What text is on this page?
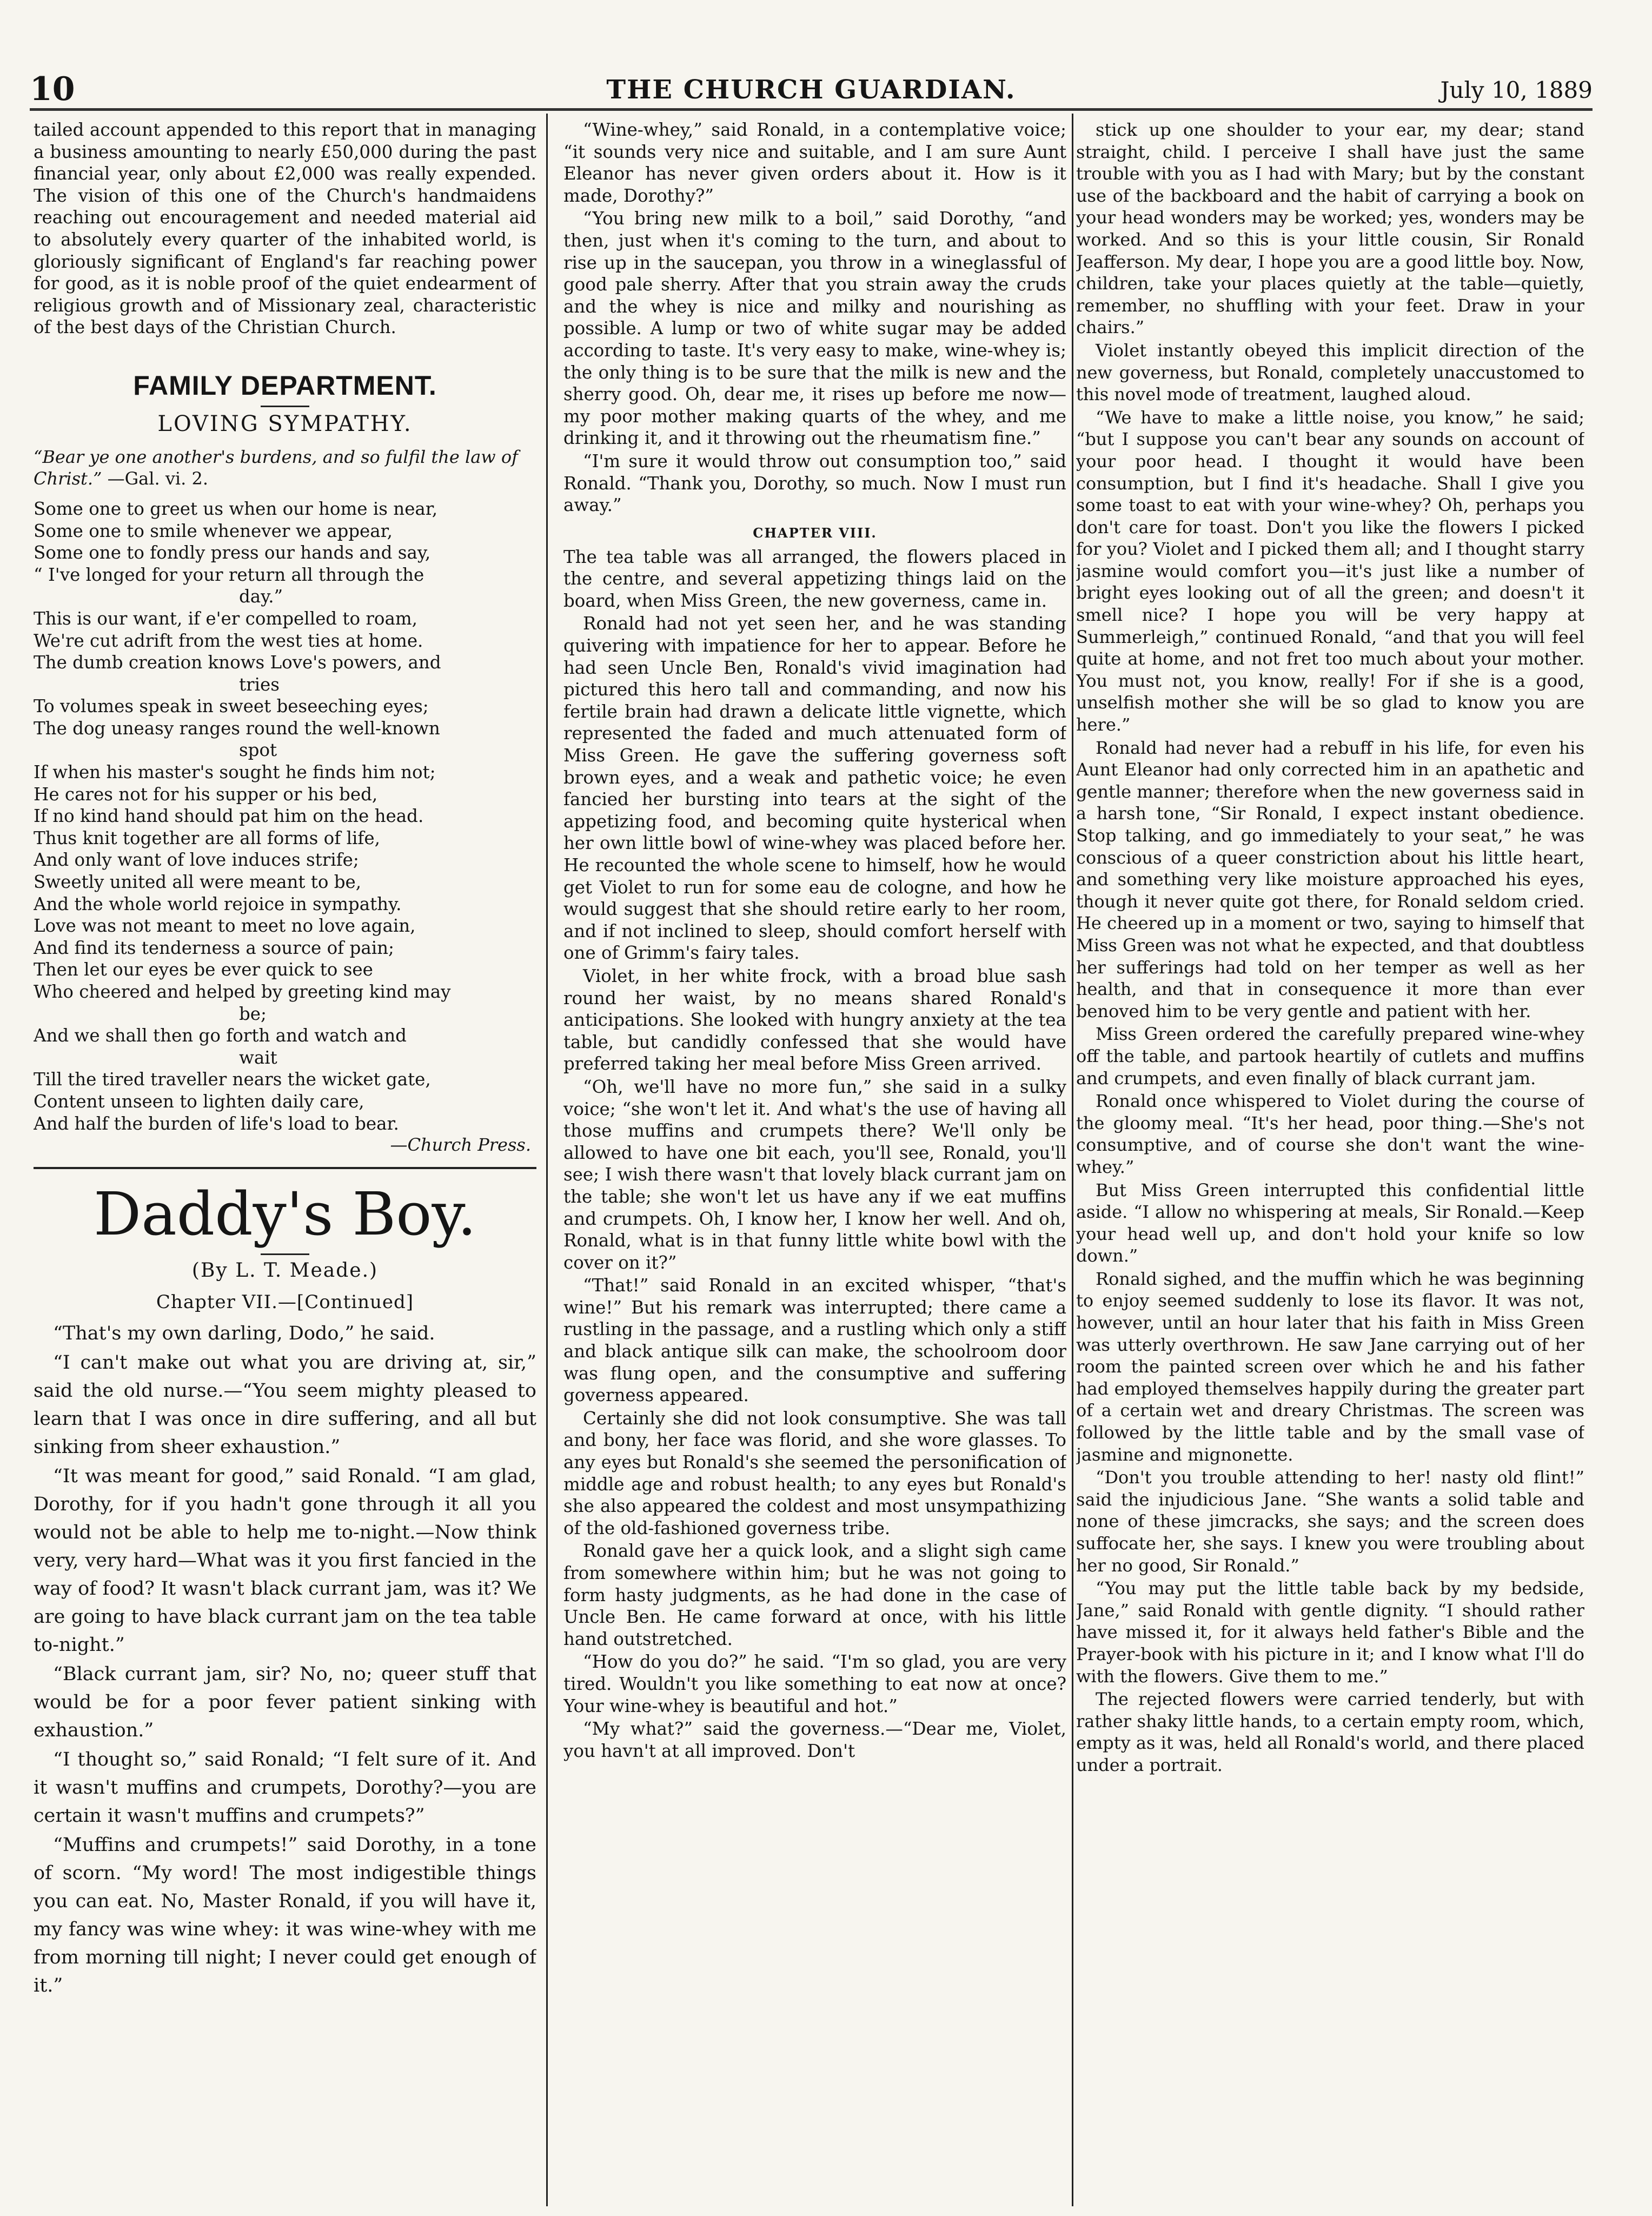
10	THE CHURCH GUARDIAN.	July 10, 1889

tailed account appended to this report that in managing a business amounting to nearly £50,000 during the past financial year, only about £2,000 was really expended. The vision of this one of the Church's handmaidens reaching out encouragement and needed material aid to absolutely every quarter of the inhabited world, is gloriously significant of England's far reaching power for good, as it is noble proof of the quiet endearment of religious growth and of Missionary zeal, characteristic of the best days of the Christian Church.

FAMILY DEPARTMENT.
LOVING SYMPATHY.
“Bear ye one another's burdens, and so fulfil the law of Christ.” —Gal. vi. 2.
Some one to greet us when our home is near,
Some one to smile whenever we appear,
Some one to fondly press our hands and say,
“ I've longed for your return all through the
day.”
This is our want, if e'er compelled to roam,
We're cut adrift from the west ties at home.
The dumb creation knows Love's powers, and
tries
To volumes speak in sweet beseeching eyes;
The dog uneasy ranges round the well-known
spot
If when his master's sought he finds him not;
He cares not for his supper or his bed,
If no kind hand should pat him on the head.
Thus knit together are all forms of life,
And only want of love induces strife;
Sweetly united all were meant to be,
And the whole world rejoice in sympathy.
Love was not meant to meet no love again,
And find its tenderness a source of pain;
Then let our eyes be ever quick to see
Who cheered and helped by greeting kind may
be;
And we shall then go forth and watch and
wait
Till the tired traveller nears the wicket gate,
Content unseen to lighten daily care,
And half the burden of life's load to bear.
—Church Press.
Daddy's Boy.
(By L. T. Meade.)
Chapter VII.—[Continued]

“That's my own darling, Dodo,” he said.

“I can't make out what you are driving at, sir,” said the old nurse.—“You seem mighty pleased to learn that I was once in dire suffering, and all but sinking from sheer exhaustion.”

“It was meant for good,” said Ronald. “I am glad, Dorothy, for if you hadn't gone through it all you would not be able to help me to-night.—Now think very, very hard—What was it you first fancied in the way of food? It wasn't black currant jam, was it? We are going to have black currant jam on the tea table to-night.”

“Black currant jam, sir? No, no; queer stuff that would be for a poor fever patient sinking with exhaustion.”

“I thought so,” said Ronald; “I felt sure of it. And it wasn't muffins and crumpets, Dorothy?—you are certain it wasn't muffins and crumpets?”

“Muffins and crumpets!” said Dorothy, in a tone of scorn. “My word! The most indigestible things you can eat. No, Master Ronald, if you will have it, my fancy was wine whey: it was wine-whey with me from morning till night; I never could get enough of it.”

“Wine-whey,” said Ronald, in a contemplative voice; “it sounds very nice and suitable, and I am sure Aunt Eleanor has never given orders about it. How is it made, Dorothy?”

“You bring new milk to a boil,” said Dorothy, “and then, just when it's coming to the turn, and about to rise up in the saucepan, you throw in a wineglassful of good pale sherry. After that you strain away the cruds and the whey is nice and milky and nourishing as possible. A lump or two of white sugar may be added according to taste. It's very easy to make, wine-whey is; the only thing is to be sure that the milk is new and the sherry good. Oh, dear me, it rises up before me now—my poor mother making quarts of the whey, and me drinking it, and it throwing out the rheumatism fine.”

“I'm sure it would throw out consumption too,” said Ronald. “Thank you, Dorothy, so much. Now I must run away.”

CHAPTER VIII.

The tea table was all arranged, the flowers placed in the centre, and several appetizing things laid on the board, when Miss Green, the new governess, came in.

Ronald had not yet seen her, and he was standing quivering with impatience for her to appear. Before he had seen Uncle Ben, Ronald's vivid imagination had pictured this hero tall and commanding, and now his fertile brain had drawn a delicate little vignette, which represented the faded and much attenuated form of Miss Green. He gave the suffering governess soft brown eyes, and a weak and pathetic voice; he even fancied her bursting into tears at the sight of the appetizing food, and becoming quite hysterical when her own little bowl of wine-whey was placed before her. He recounted the whole scene to himself, how he would get Violet to run for some eau de cologne, and how he would suggest that she should retire early to her room, and if not inclined to sleep, should comfort herself with one of Grimm's fairy tales.

Violet, in her white frock, with a broad blue sash round her waist, by no means shared Ronald's anticipations. She looked with hungry anxiety at the tea table, but candidly confessed that she would have preferred taking her meal before Miss Green arrived.

“Oh, we'll have no more fun,” she said in a sulky voice; “she won't let it. And what's the use of having all those muffins and crumpets there? We'll only be allowed to have one bit each, you'll see, Ronald, you'll see; I wish there wasn't that lovely black currant jam on the table; she won't let us have any if we eat muffins and crumpets. Oh, I know her, I know her well. And oh, Ronald, what is in that funny little white bowl with the cover on it?”

“That!” said Ronald in an excited whisper, “that's wine!” But his remark was interrupted; there came a rustling in the passage, and a rustling which only a stiff and black antique silk can make, the schoolroom door was flung open, and the consumptive and suffering governess appeared.

Certainly she did not look consumptive. She was tall and bony, her face was florid, and she wore glasses. To any eyes but Ronald's she seemed the personification of middle age and robust health; to any eyes but Ronald's she also appeared the coldest and most unsympathizing of the old-fashioned governess tribe.

Ronald gave her a quick look, and a slight sigh came from somewhere within him; but he was not going to form hasty judgments, as he had done in the case of Uncle Ben. He came forward at once, with his little hand outstretched.

“How do you do?” he said. “I'm so glad, you are very tired. Wouldn't you like something to eat now at once? Your wine-whey is beautiful and hot.”

“My what?” said the governess.—“Dear me, Violet, you havn't at all improved. Don't

stick up one shoulder to your ear, my dear; stand straight, child. I perceive I shall have just the same trouble with you as I had with Mary; but by the constant use of the backboard and the habit of carrying a book on your head wonders may be worked; yes, wonders may be worked. And so this is your little cousin, Sir Ronald Jeafferson. My dear, I hope you are a good little boy. Now, children, take your places quietly at the table—quietly, remember, no shuffling with your feet. Draw in your chairs.”

Violet instantly obeyed this implicit direction of the new governess, but Ronald, completely unaccustomed to this novel mode of treatment, laughed aloud.

“We have to make a little noise, you know,” he said; “but I suppose you can't bear any sounds on account of your poor head. I thought it would have been consumption, but I find it's headache. Shall I give you some toast to eat with your wine-whey? Oh, perhaps you don't care for toast. Don't you like the flowers I picked for you? Violet and I picked them all; and I thought starry jasmine would comfort you—it's just like a number of bright eyes looking out of all the green; and doesn't it smell nice? I hope you will be very happy at Summerleigh,” continued Ronald, “and that you will feel quite at home, and not fret too much about your mother. You must not, you know, really! For if she is a good, unselfish mother she will be so glad to know you are here.”

Ronald had never had a rebuff in his life, for even his Aunt Eleanor had only corrected him in an apathetic and gentle manner; therefore when the new governess said in a harsh tone, “Sir Ronald, I expect instant obedience. Stop talking, and go immediately to your seat,” he was conscious of a queer constriction about his little heart, and something very like moisture approached his eyes, though it never quite got there, for Ronald seldom cried. He cheered up in a moment or two, saying to himself that Miss Green was not what he expected, and that doubtless her sufferings had told on her temper as well as her health, and that in consequence it more than ever benoved him to be very gentle and patient with her.

Miss Green ordered the carefully prepared wine-whey off the table, and partook heartily of cutlets and muffins and crumpets, and even finally of black currant jam.

Ronald once whispered to Violet during the course of the gloomy meal. “It's her head, poor thing.—She's not consumptive, and of course she don't want the wine-whey.”

But Miss Green interrupted this confidential little aside. “I allow no whispering at meals, Sir Ronald.—Keep your head well up, and don't hold your knife so low down.”

Ronald sighed, and the muffin which he was beginning to enjoy seemed suddenly to lose its flavor. It was not, however, until an hour later that his faith in Miss Green was utterly overthrown. He saw Jane carrying out of her room the painted screen over which he and his father had employed themselves happily during the greater part of a certain wet and dreary Christmas. The screen was followed by the little table and by the small vase of jasmine and mignonette.

“Don't you trouble attending to her! nasty old flint!” said the injudicious Jane. “She wants a solid table and none of these jimcracks, she says; and the screen does suffocate her, she says. I knew you were troubling about her no good, Sir Ronald.”

“You may put the little table back by my bedside, Jane,” said Ronald with gentle dignity. “I should rather have missed it, for it always held father's Bible and the Prayer-book with his picture in it; and I know what I'll do with the flowers. Give them to me.”

The rejected flowers were carried tenderly, but with rather shaky little hands, to a certain empty room, which, empty as it was, held all Ronald's world, and there placed under a portrait.
